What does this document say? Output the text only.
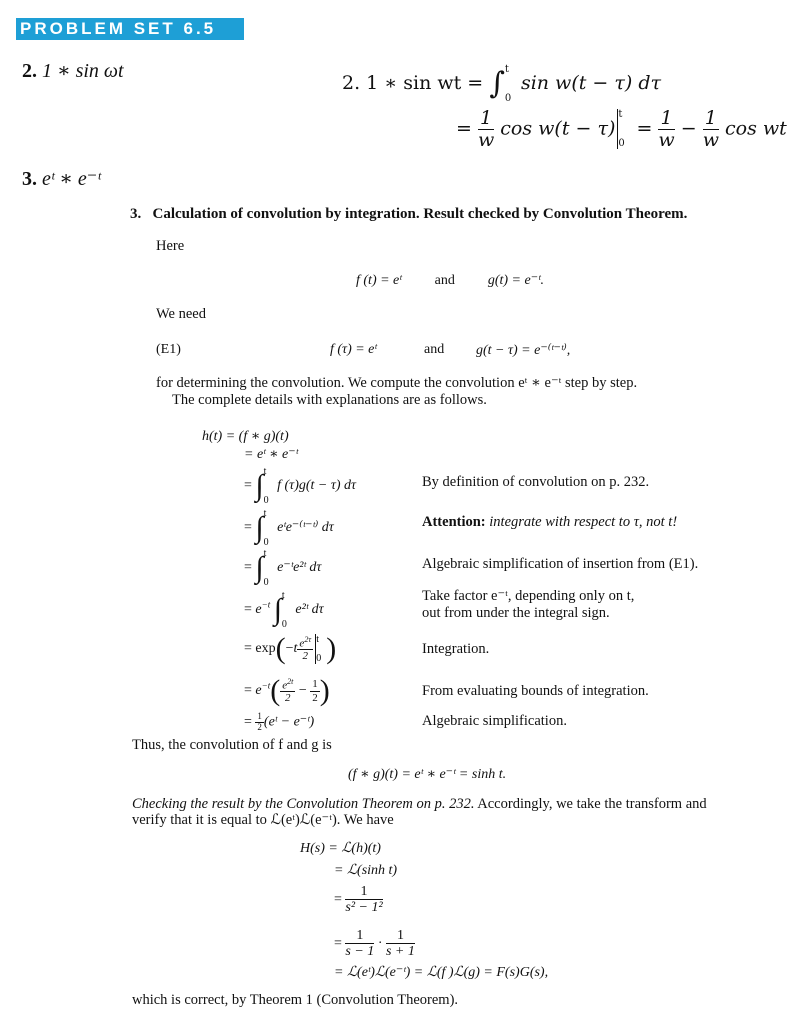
PROBLEM SET 6.5
2. 1 ∗ sin ωt
3. eᵗ ∗ e⁻ᵗ
2. 1 ∗ sin wt = ∫ t
0
sin w(t − τ) dτ
= $\frac{1}{w}$ cos w(t − τ)
t
0
= $\frac{1}{w} - \frac{1}{w}$ cos wt
3. Calculation of convolution by integration. Result checked by Convolution Theorem.
Here
f (t) = eᵗ and g(t) = e⁻ᵗ.
We need
(E1)	f (τ) = eᵗ	and g(t − τ) = e⁻⁽ᵗ⁻ᵗ⁾,
for determining the convolution. We compute the convolution eᵗ ∗ e⁻ᵗ step by step.
The complete details with explanations are as follows.
h(t) = (f ∗ g)(t)
= eᵗ ∗ e⁻ᵗ
= ∫ t
0
f (τ)g(t − τ) dτ	By definition of convolution on p. 232.
= ∫ t
0
eᵗe⁻⁽ᵗ⁻ᵗ⁾ dτ	Attention: integrate with respect to τ, not t!
= ∫ t
0
e⁻ᵗe²ᵗ dτ	Algebraic simplification of insertion from (E1).
= $e^{-t}$ ∫ t
0
e²ᵗ dτ
Take factor e⁻ᵗ, depending only on t,
out from under the integral sign.
= $\exp(-t \frac{e^{2\tau}}{2}$ t
0 )	Integration.
= $e^{-t}( \frac{e^{2t}}{2} - \frac{1}{2}$ )	From evaluating bounds of integration.
= $\frac{1}{2}$ (eᵗ − e⁻ᵗ)	Algebraic simplification.
Thus, the convolution of f and g is
(f ∗ g)(t) = eᵗ ∗ e⁻ᵗ = sinh t.
Checking the result by the Convolution Theorem on p. 232. Accordingly, we take the transform and
verify that it is equal to ℒ(eᵗ)ℒ(e⁻ᵗ). We have
H(s) = ℒ(h)(t)
= ℒ(sinh t)
= $\frac{1}{\text{s² − 1²}}$
= $\frac{1}{s - 1} \cdot \frac{1}{s + 1}$
= ℒ(eᵗ)ℒ(e⁻ᵗ) = ℒ(f )ℒ(g) = F(s)G(s),
which is correct, by Theorem 1 (Convolution Theorem).
